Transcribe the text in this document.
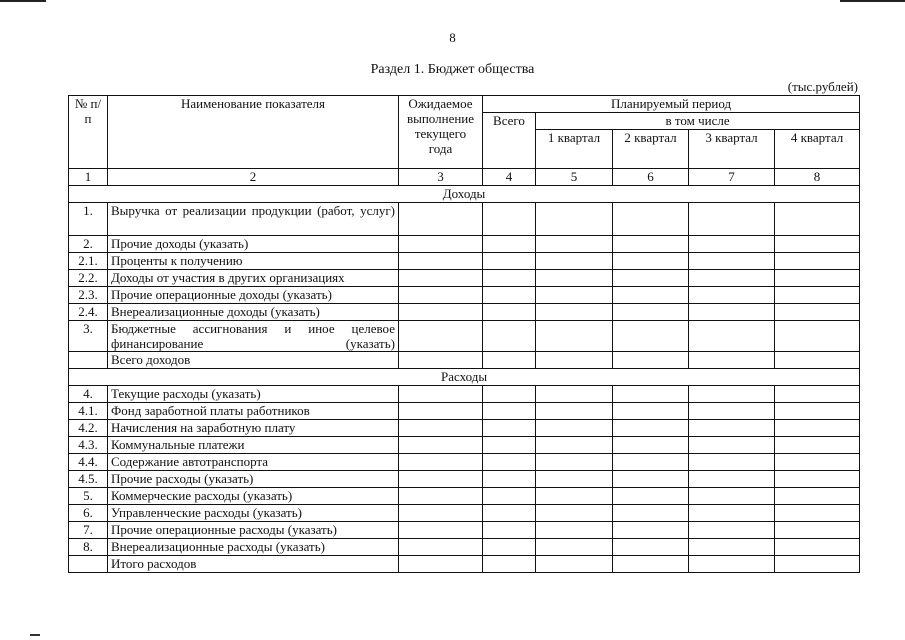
8
Раздел 1. Бюджет общества
(тыс.рублей)
№ п/п	Наименование показателя	Ожидаемое выполнение текущего года	Планируемый период				
			Всего	в том числе			
				1 квартал	2 квартал	3 квартал	4 квартал
1	2	3	4	5	6	7	8
Доходы							
1.	Выручка от реализации продукции (работ, услуг)						
2.	Прочие доходы (указать)						
2.1.	Проценты к получению						
2.2.	Доходы от участия в других организациях						
2.3.	Прочие операционные доходы (указать)						
2.4.	Внереализационные доходы (указать)						
3.	Бюджетные ассигнования и иное целевое финансирование (указать)						
	Всего доходов						
Расходы							
4.	Текущие расходы (указать)						
4.1.	Фонд заработной платы работников						
4.2.	Начисления на заработную плату						
4.3.	Коммунальные платежи						
4.4.	Содержание автотранспорта						
4.5.	Прочие расходы (указать)						
5.	Коммерческие расходы (указать)						
6.	Управленческие расходы (указать)						
7.	Прочие операционные расходы (указать)						
8.	Внереализационные расходы (указать)						
	Итого расходов						
